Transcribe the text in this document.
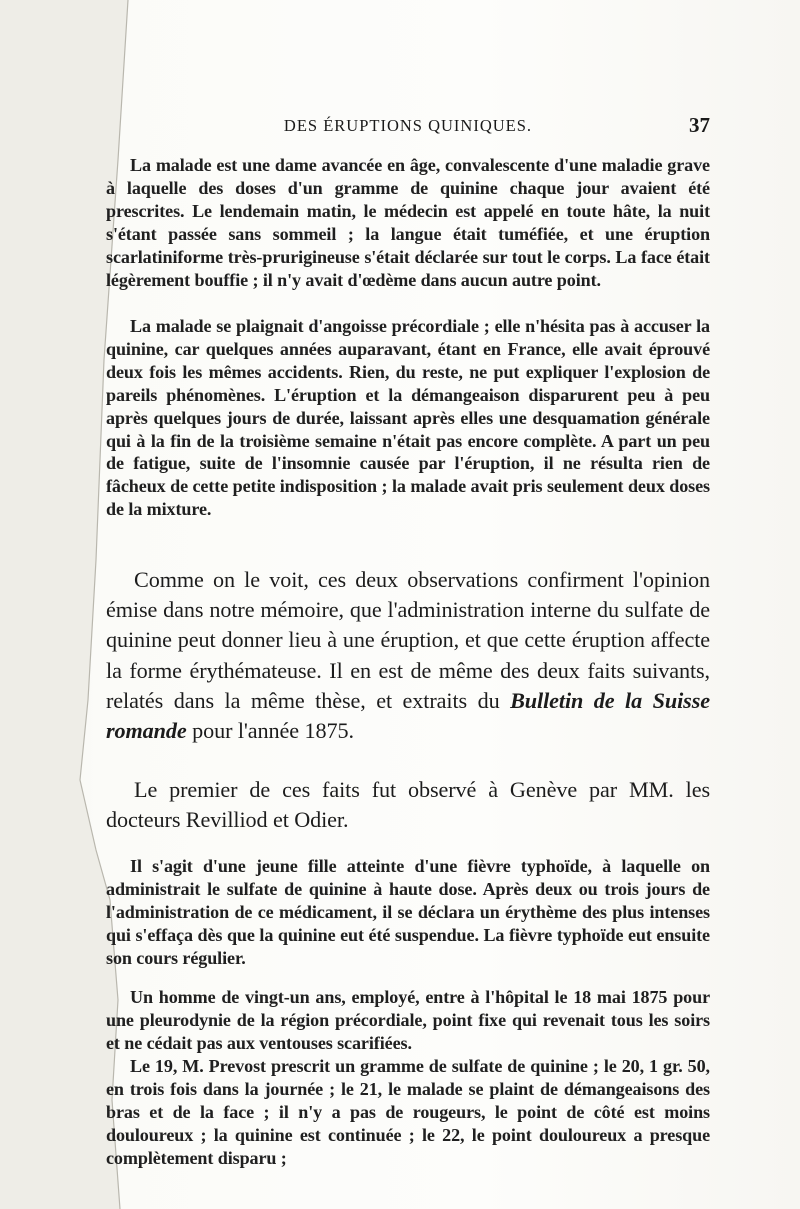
DES ÉRUPTIONS QUINIQUES.	37

La malade est une dame avancée en âge, convalescente d'une maladie grave à laquelle des doses d'un gramme de quinine chaque jour avaient été prescrites. Le lendemain matin, le médecin est appelé en toute hâte, la nuit s'étant passée sans sommeil ; la langue était tuméfiée, et une éruption scarlatiniforme très-prurigineuse s'était déclarée sur tout le corps. La face était légèrement bouffie ; il n'y avait d'œdème dans aucun autre point.

La malade se plaignait d'angoisse précordiale ; elle n'hésita pas à accuser la quinine, car quelques années auparavant, étant en France, elle avait éprouvé deux fois les mêmes accidents. Rien, du reste, ne put expliquer l'explosion de pareils phénomènes. L'éruption et la démangeaison disparurent peu à peu après quelques jours de durée, laissant après elles une desquamation générale qui à la fin de la troisième semaine n'était pas encore complète. A part un peu de fatigue, suite de l'insomnie causée par l'éruption, il ne résulta rien de fâcheux de cette petite indisposition ; la malade avait pris seulement deux doses de la mixture.

Comme on le voit, ces deux observations confirment l'opinion émise dans notre mémoire, que l'administration interne du sulfate de quinine peut donner lieu à une éruption, et que cette éruption affecte la forme érythémateuse. Il en est de même des deux faits suivants, relatés dans la même thèse, et extraits du Bulletin de la Suisse romande pour l'année 1875.

Le premier de ces faits fut observé à Genève par MM. les docteurs Revilliod et Odier.

Il s'agit d'une jeune fille atteinte d'une fièvre typhoïde, à laquelle on administrait le sulfate de quinine à haute dose. Après deux ou trois jours de l'administration de ce médicament, il se déclara un érythème des plus intenses qui s'effaça dès que la quinine eut été suspendue. La fièvre typhoïde eut ensuite son cours régulier.

Un homme de vingt-un ans, employé, entre à l'hôpital le 18 mai 1875 pour une pleurodynie de la région précordiale, point fixe qui revenait tous les soirs et ne cédait pas aux ventouses scarifiées.

Le 19, M. Prevost prescrit un gramme de sulfate de quinine ; le 20, 1 gr. 50, en trois fois dans la journée ; le 21, le malade se plaint de démangeaisons des bras et de la face ; il n'y a pas de rougeurs, le point de côté est moins douloureux ; la quinine est continuée ; le 22, le point douloureux a presque complètement disparu ;
